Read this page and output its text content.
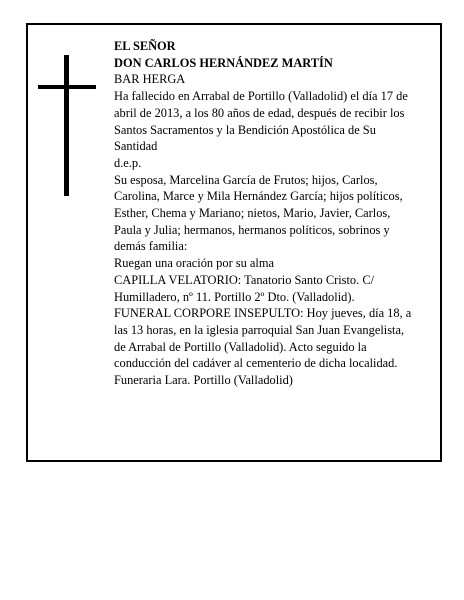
EL SEÑOR

DON CARLOS HERNÁNDEZ MARTÍN

BAR HERGA

Ha fallecido en Arrabal de Portillo (Valladolid) el día 17 de abril de 2013, a los 80 años de edad, después de recibir los Santos Sacramentos y la Bendición Apostólica de Su Santidad

d.e.p.

Su esposa, Marcelina García de Frutos; hijos, Carlos, Carolina, Marce y Mila Hernández García; hijos políticos, Esther, Chema y Mariano; nietos, Mario, Javier, Carlos, Paula y Julia; hermanos, hermanos políticos, sobrinos y demás familia:

Ruegan una oración por su alma

CAPILLA VELATORIO: Tanatorio Santo Cristo. C/ Humilladero, nº 11. Portillo 2º Dto. (Valladolid).

FUNERAL CORPORE INSEPULTO: Hoy jueves, día 18, a las 13 horas, en la iglesia parroquial San Juan Evangelista, de Arrabal de Portillo (Valladolid). Acto seguido la conducción del cadáver al cementerio de dicha localidad.

Funeraria Lara. Portillo (Valladolid)
